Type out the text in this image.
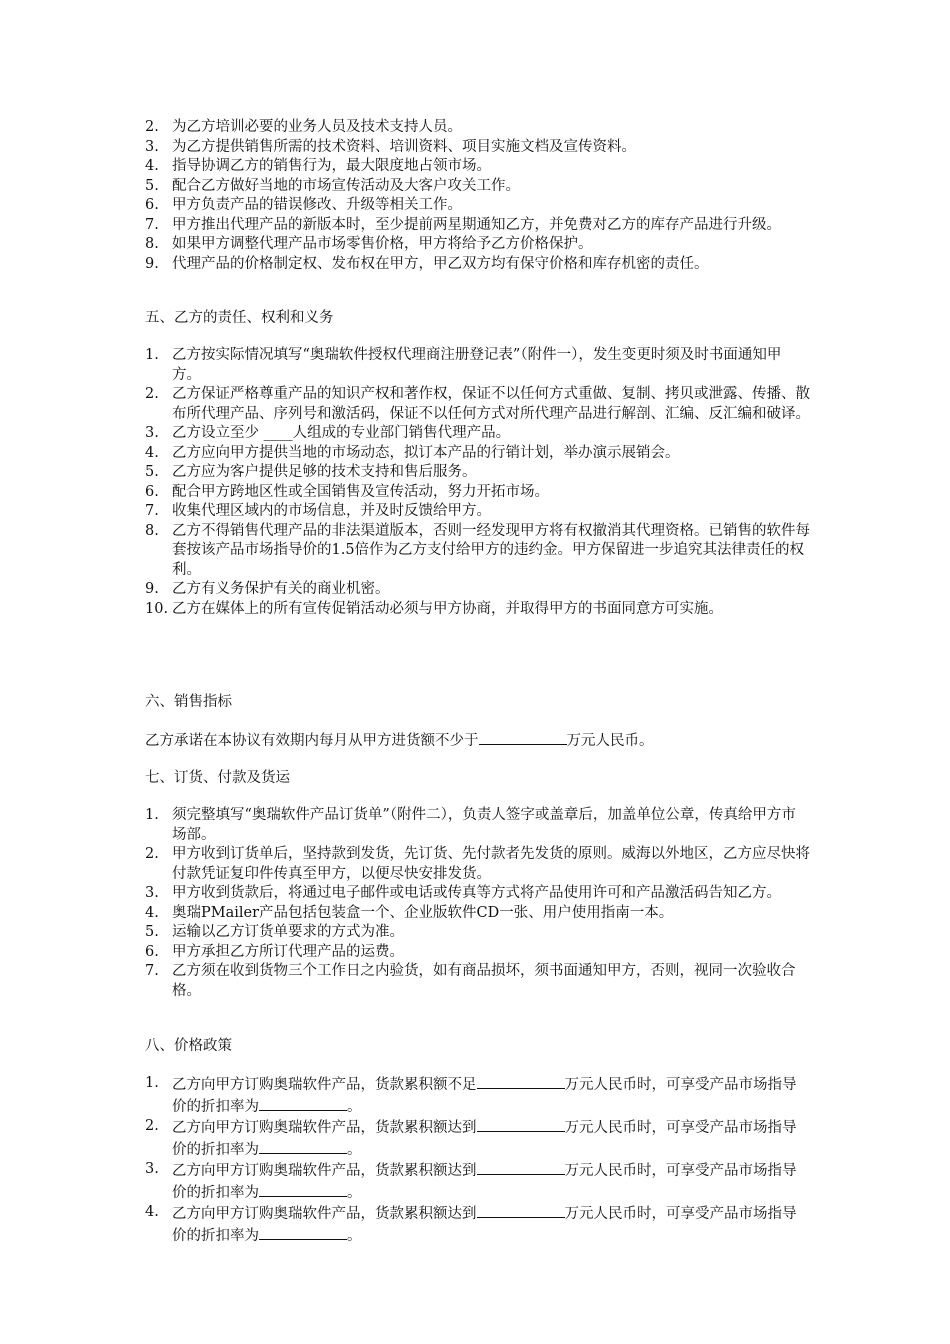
2. 为乙方培训必要的业务人员及技术支持人员。
3. 为乙方提供销售所需的技术资料、培训资料、项目实施文档及宣传资料。
4. 指导协调乙方的销售行为，最大限度地占领市场。
5. 配合乙方做好当地的市场宣传活动及大客户攻关工作。
6. 甲方负责产品的错误修改、升级等相关工作。
7. 甲方推出代理产品的新版本时，至少提前两星期通知乙方，并免费对乙方的库存产品进行升级。
8. 如果甲方调整代理产品市场零售价格，甲方将给予乙方价格保护。
9. 代理产品的价格制定权、发布权在甲方，甲乙双方均有保守价格和库存机密的责任。
五、乙方的责任、权利和义务
1. 乙方按实际情况填写“奥瑞软件授权代理商注册登记表”（附件一），发生变更时须及时书面通知甲方。
2. 乙方保证严格尊重产品的知识产权和著作权，保证不以任何方式重做、复制、拷贝或泄露、传播、散布所代理产品、序列号和激活码，保证不以任何方式对所代理产品进行解剖、汇编、反汇编和破译。
3. 乙方设立至少 ____人组成的专业部门销售代理产品。
4. 乙方应向甲方提供当地的市场动态，拟订本产品的行销计划，举办演示展销会。
5. 乙方应为客户提供足够的技术支持和售后服务。
6. 配合甲方跨地区性或全国销售及宣传活动，努力开拓市场。
7. 收集代理区域内的市场信息，并及时反馈给甲方。
8. 乙方不得销售代理产品的非法渠道版本，否则一经发现甲方将有权撤消其代理资格。已销售的软件每套按该产品市场指导价的1.5倍作为乙方支付给甲方的违约金。甲方保留进一步追究其法律责任的权利。
9. 乙方有义务保护有关的商业机密。
10. 乙方在媒体上的所有宣传促销活动必须与甲方协商，并取得甲方的书面同意方可实施。
六、销售指标
乙方承诺在本协议有效期内每月从甲方进货额不少于	万元人民币。
七、订货、付款及货运
1. 须完整填写“奥瑞软件产品订货单”（附件二），负责人签字或盖章后，加盖单位公章，传真给甲方市场部。
2. 甲方收到订货单后，坚持款到发货，先订货、先付款者先发货的原则。威海以外地区，乙方应尽快将付款凭证复印件传真至甲方，以便尽快安排发货。
3. 甲方收到货款后，将通过电子邮件或电话或传真等方式将产品使用许可和产品激活码告知乙方。
4. 奥瑞PMailer产品包括包装盒一个、企业版软件CD一张、用户使用指南一本。
5. 运输以乙方订货单要求的方式为准。
6. 甲方承担乙方所订代理产品的运费。
7. 乙方须在收到货物三个工作日之内验货，如有商品损坏，须书面通知甲方，否则，视同一次验收合格。
八、价格政策
1. 乙方向甲方订购奥瑞软件产品，货款累积额不足	万元人民币时，可享受产品市场指导价的折扣率为	。
2. 乙方向甲方订购奥瑞软件产品，货款累积额达到	万元人民币时，可享受产品市场指导价的折扣率为	。
3. 乙方向甲方订购奥瑞软件产品，货款累积额达到	万元人民币时，可享受产品市场指导价的折扣率为	。
4. 乙方向甲方订购奥瑞软件产品，货款累积额达到	万元人民币时，可享受产品市场指导价的折扣率为	。
